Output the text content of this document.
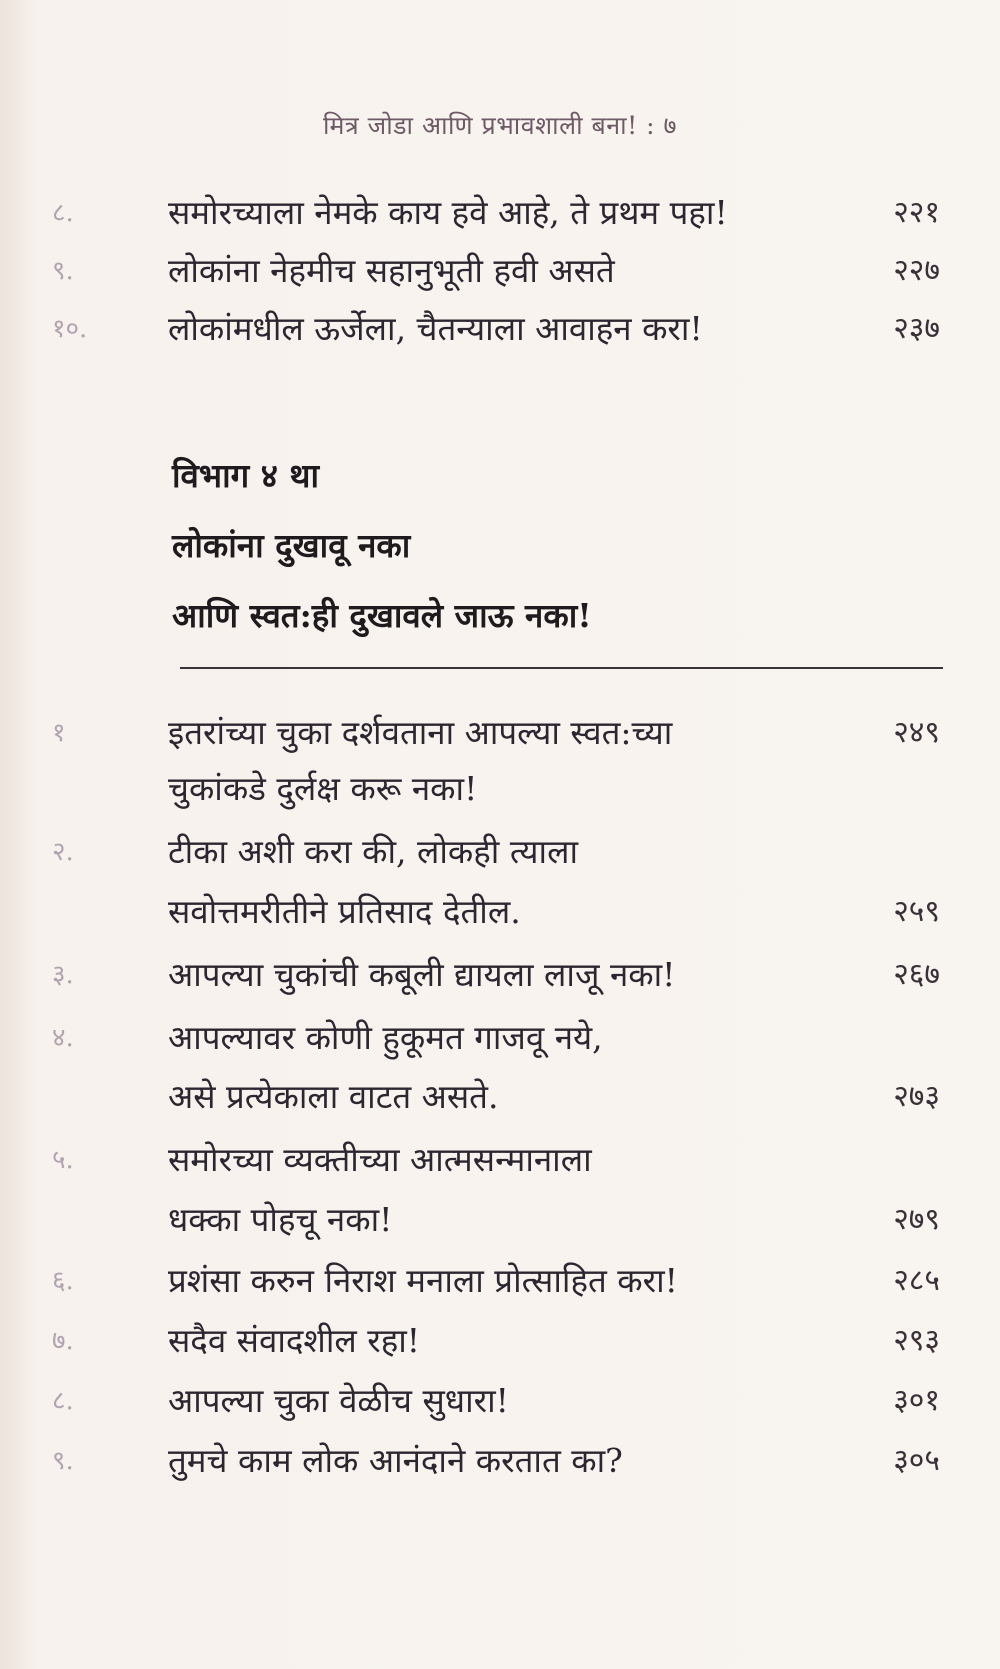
मित्र जोडा आणि प्रभावशाली बना! : ७
८.	समोरच्याला नेमके काय हवे आहे, ते प्रथम पहा!	२२१
९.	लोकांना नेहमीच सहानुभूती हवी असते	२२७
१०. लोकांमधील ऊर्जेला, चैतन्याला आवाहन करा!	२३७
विभाग ४ था
लोकांना दुखावू नका
आणि स्वत:ही दुखावले जाऊ नका!
१	इतरांच्या चुका दर्शवताना आपल्या स्वत:च्या	२४९
चुकांकडे दुर्लक्ष करू नका!
२.	टीका अशी करा की, लोकही त्याला
सवोत्तमरीतीने प्रतिसाद देतील.	२५९
३.	आपल्या चुकांची कबूली द्यायला लाजू नका!	२६७
४.	आपल्यावर कोणी हुकूमत गाजवू नये,
असे प्रत्येकाला वाटत असते.	२७३
५.	समोरच्या व्यक्तीच्या आत्मसन्मानाला
धक्का पोहचू नका!	२७९
६.	प्रशंसा करुन निराश मनाला प्रोत्साहित करा!	२८५
७.	सदैव संवादशील रहा!	२९३
८.	आपल्या चुका वेळीच सुधारा!	३०१
९.	तुमचे काम लोक आनंदाने करतात का?	३०५
